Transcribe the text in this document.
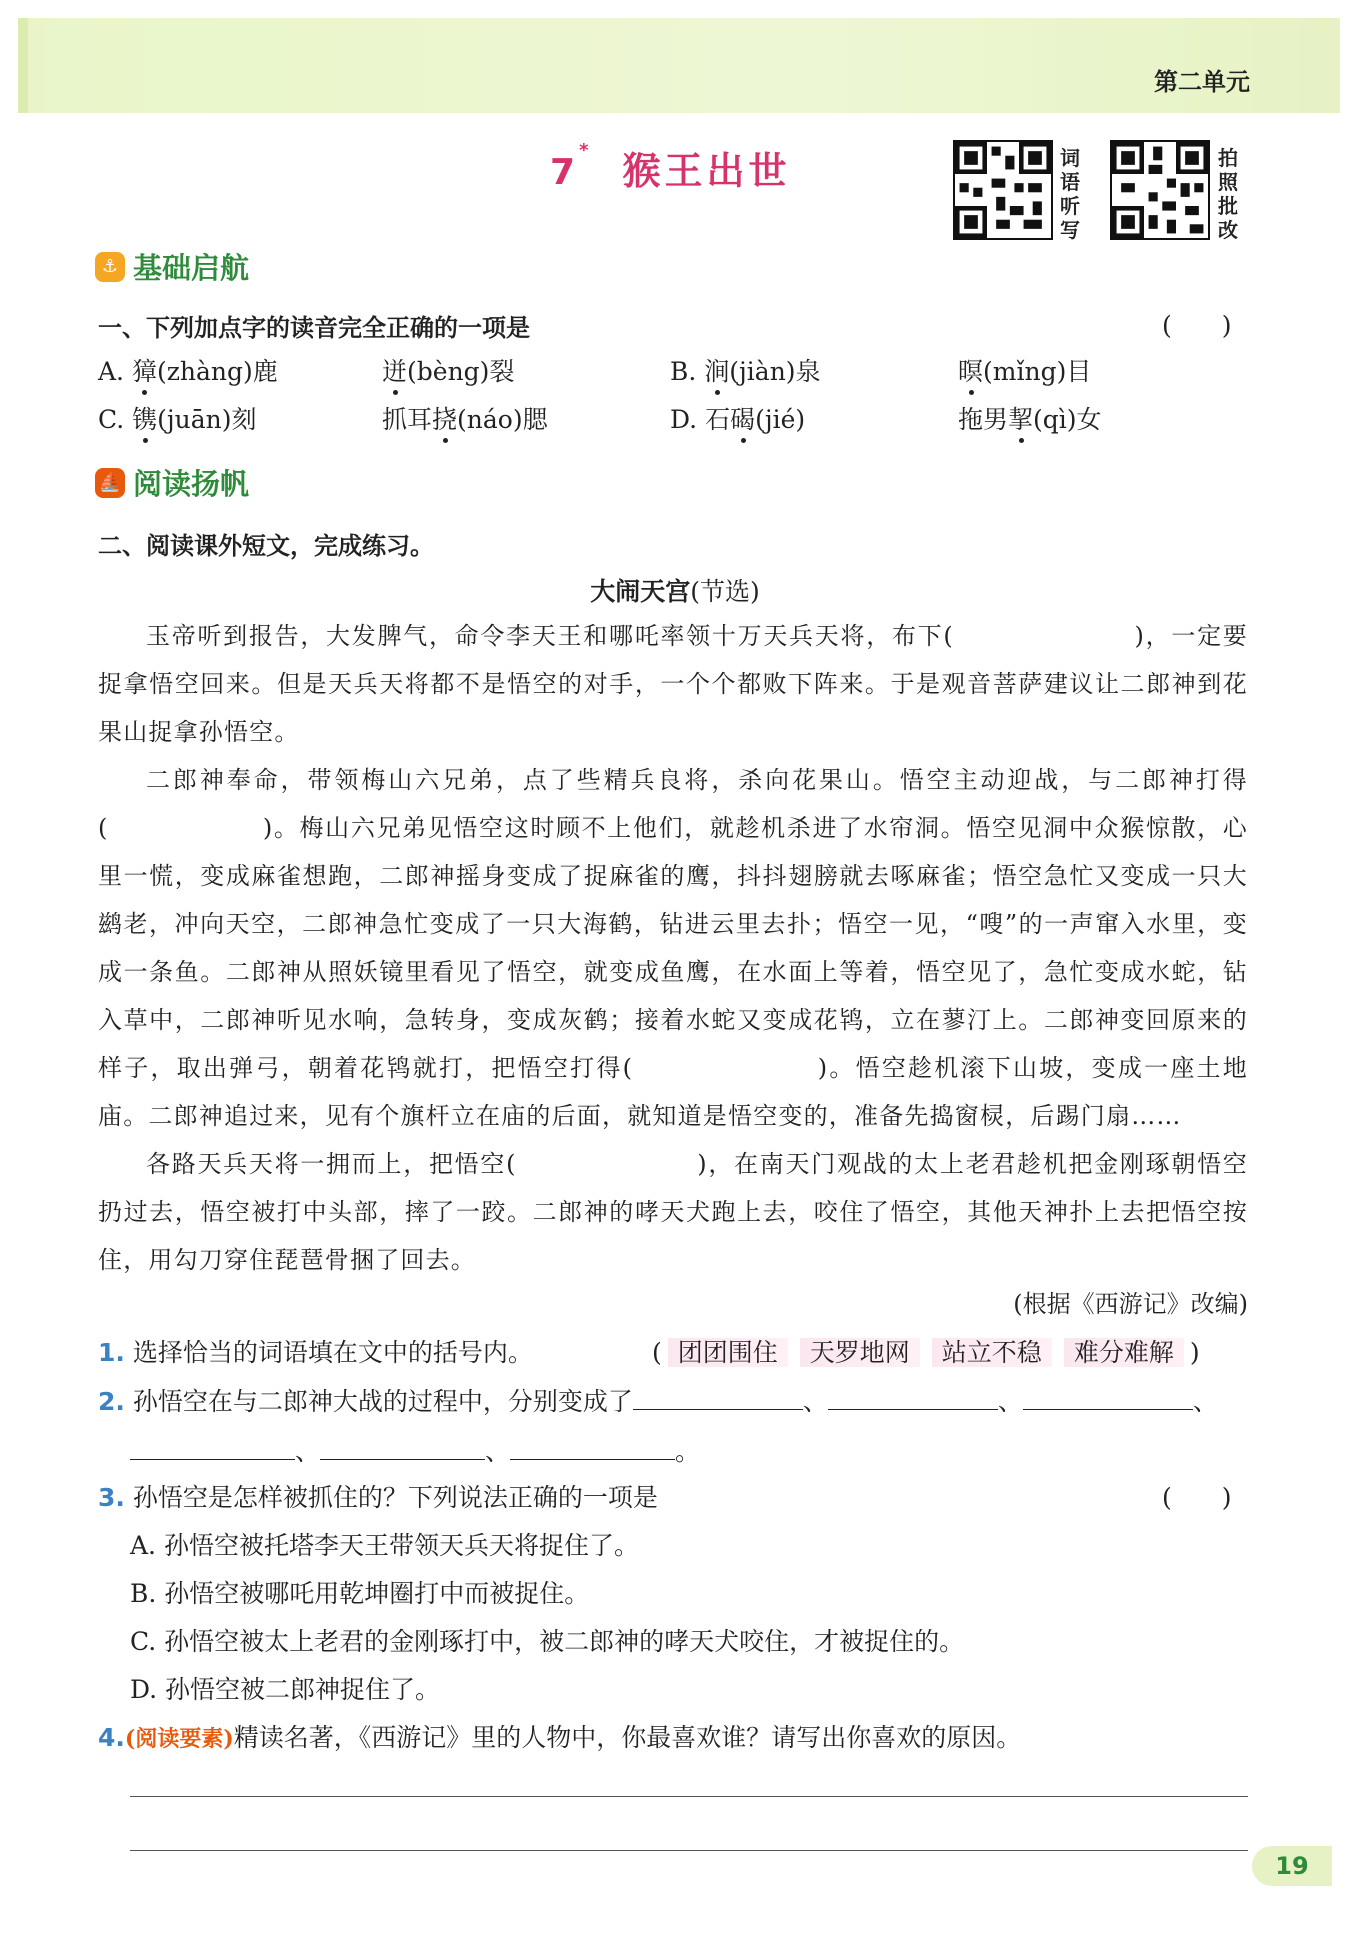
第二单元
7* 猴王出世	词语听写
拍照批改
⚓ 基础启航
一、下列加点字的读音完全正确的一项是	(　　)
A. 獐(zhàng)鹿	迸(bèng)裂	B. 涧(jiàn)泉	暝(mǐng)目
C. 镌(juān)刻	抓耳挠(náo)腮	D. 石碣(jié)	拖男挈(qì)女
⛵ 阅读扬帆
二、阅读课外短文，完成练习。
大闹天宫(节选)

玉帝听到报告，大发脾气，命令李天王和哪吒率领十万天兵天将，布下(　　　　　　　)，一定要捉拿悟空回来。但是天兵天将都不是悟空的对手，一个个都败下阵来。于是观音菩萨建议让二郎神到花果山捉拿孙悟空。

二郎神奉命，带领梅山六兄弟，点了些精兵良将，杀向花果山。悟空主动迎战，与二郎神打得(　　　　　　)。梅山六兄弟见悟空这时顾不上他们，就趁机杀进了水帘洞。悟空见洞中众猴惊散，心里一慌，变成麻雀想跑，二郎神摇身变成了捉麻雀的鹰，抖抖翅膀就去啄麻雀；悟空急忙又变成一只大鹚老，冲向天空，二郎神急忙变成了一只大海鹤，钻进云里去扑；悟空一见，“嗖”的一声窜入水里，变成一条鱼。二郎神从照妖镜里看见了悟空，就变成鱼鹰，在水面上等着，悟空见了，急忙变成水蛇，钻入草中，二郎神听见水响，急转身，变成灰鹤；接着水蛇又变成花鸨，立在蓼汀上。二郎神变回原来的样子，取出弹弓，朝着花鸨就打，把悟空打得(　　　　　　　)。悟空趁机滚下山坡，变成一座土地庙。二郎神追过来，见有个旗杆立在庙的后面，就知道是悟空变的，准备先捣窗棂，后踢门扇……

各路天兵天将一拥而上，把悟空(　　　　　　　)，在南天门观战的太上老君趁机把金刚琢朝悟空扔过去，悟空被打中头部，摔了一跤。二郎神的哮天犬跑上去，咬住了悟空，其他天神扑上去把悟空按住，用勾刀穿住琵琶骨捆了回去。

(根据《西游记》改编)
1. 选择恰当的词语填在文中的括号内。	( 团团围住 天罗地网 站立不稳 难分难解 )
2. 孙悟空在与二郎神大战的过程中，分别变成了	、	、	、
、	、	。
3. 孙悟空是怎样被抓住的？下列说法正确的一项是	(　　)
A. 孙悟空被托塔李天王带领天兵天将捉住了。
B. 孙悟空被哪吒用乾坤圈打中而被捉住。
C. 孙悟空被太上老君的金刚琢打中，被二郎神的哮天犬咬住，才被捉住的。
D. 孙悟空被二郎神捉住了。
4.(阅读要素)精读名著，《西游记》里的人物中，你最喜欢谁？请写出你喜欢的原因。
19
